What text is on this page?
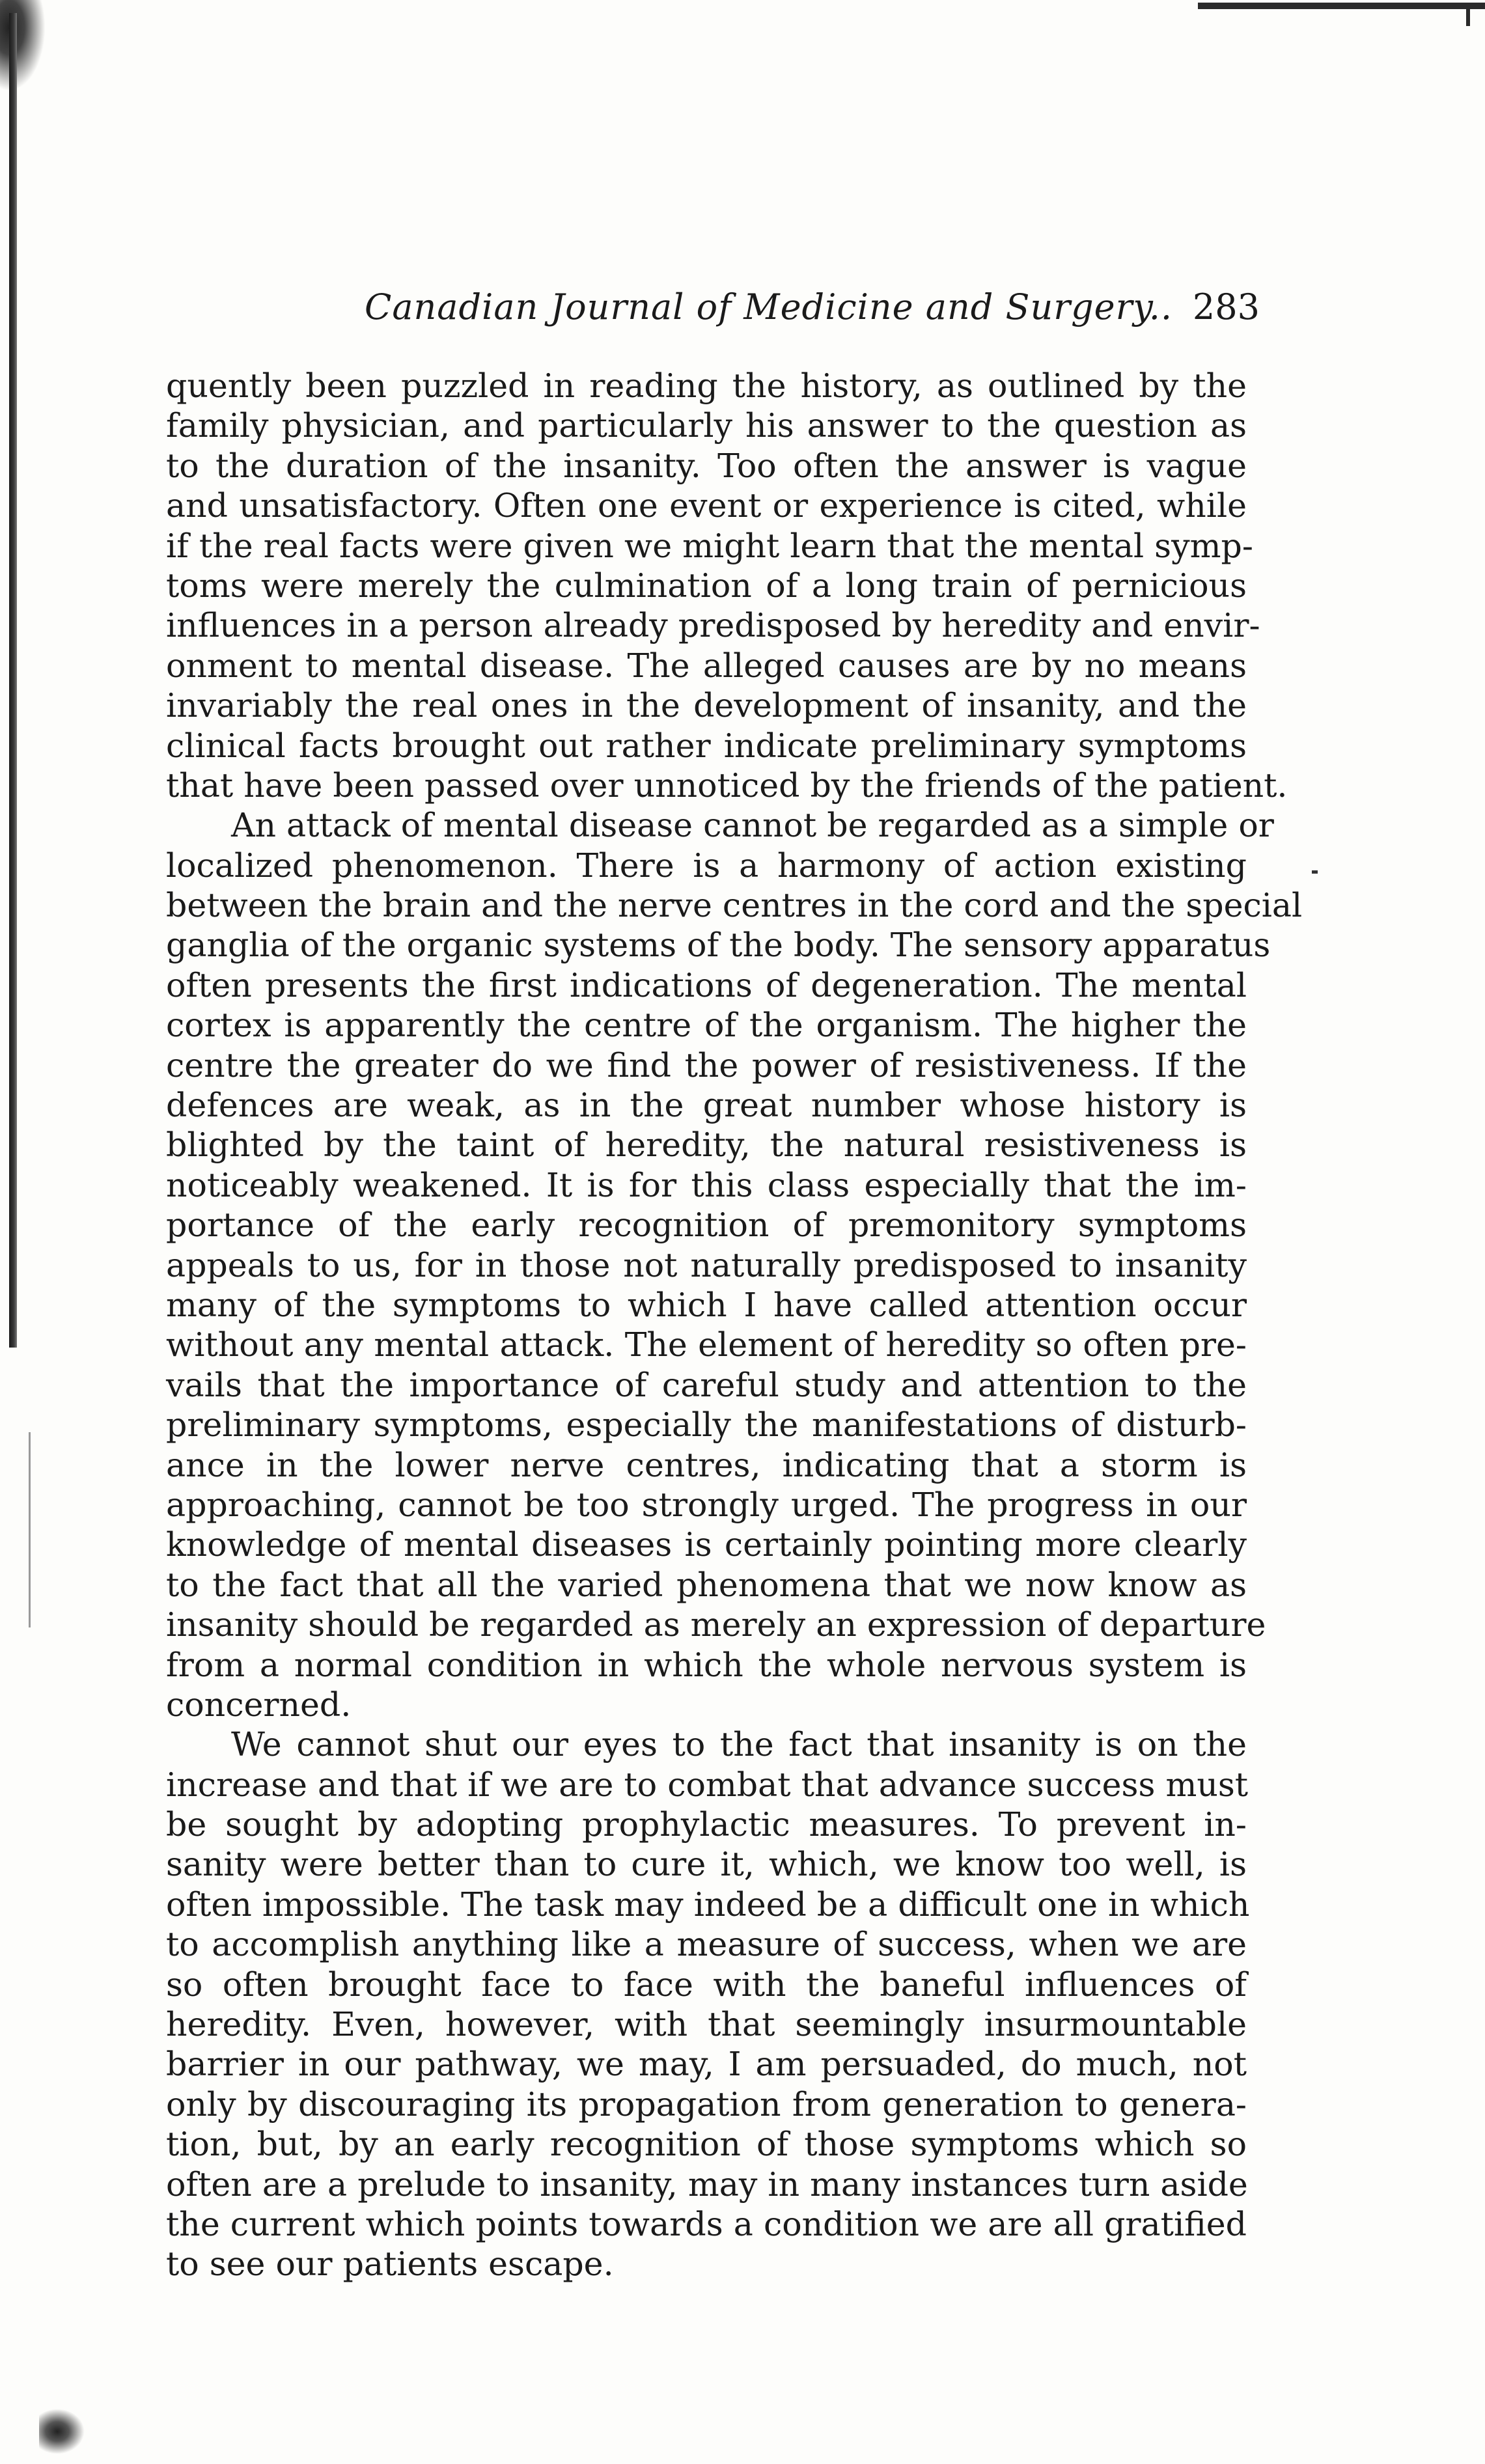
Canadian Journal of Medicine and Surgery.. 283
quently been puzzled in reading the history, as outlined by the
family physician, and particularly his answer to the question as
to the duration of the insanity. Too often the answer is vague
and unsatisfactory. Often one event or experience is cited, while
if the real facts were given we might learn that the mental symp-
toms were merely the culmination of a long train of pernicious
influences in a person already predisposed by heredity and envir-
onment to mental disease. The alleged causes are by no means
invariably the real ones in the development of insanity, and the
clinical facts brought out rather indicate preliminary symptoms
that have been passed over unnoticed by the friends of the patient.
An attack of mental disease cannot be regarded as a simple or
localized phenomenon. There is a harmony of action existing
between the brain and the nerve centres in the cord and the special
ganglia of the organic systems of the body. The sensory apparatus
often presents the first indications of degeneration. The mental
cortex is apparently the centre of the organism. The higher the
centre the greater do we find the power of resistiveness. If the
defences are weak, as in the great number whose history is
blighted by the taint of heredity, the natural resistiveness is
noticeably weakened. It is for this class especially that the im-
portance of the early recognition of premonitory symptoms
appeals to us, for in those not naturally predisposed to insanity
many of the symptoms to which I have called attention occur
without any mental attack. The element of heredity so often pre-
vails that the importance of careful study and attention to the
preliminary symptoms, especially the manifestations of disturb-
ance in the lower nerve centres, indicating that a storm is
approaching, cannot be too strongly urged. The progress in our
knowledge of mental diseases is certainly pointing more clearly
to the fact that all the varied phenomena that we now know as
insanity should be regarded as merely an expression of departure
from a normal condition in which the whole nervous system is
concerned.
We cannot shut our eyes to the fact that insanity is on the
increase and that if we are to combat that advance success must
be sought by adopting prophylactic measures. To prevent in-
sanity were better than to cure it, which, we know too well, is
often impossible. The task may indeed be a difficult one in which
to accomplish anything like a measure of success, when we are
so often brought face to face with the baneful influences of
heredity. Even, however, with that seemingly insurmountable
barrier in our pathway, we may, I am persuaded, do much, not
only by discouraging its propagation from generation to genera-
tion, but, by an early recognition of those symptoms which so
often are a prelude to insanity, may in many instances turn aside
the current which points towards a condition we are all gratified
to see our patients escape.
